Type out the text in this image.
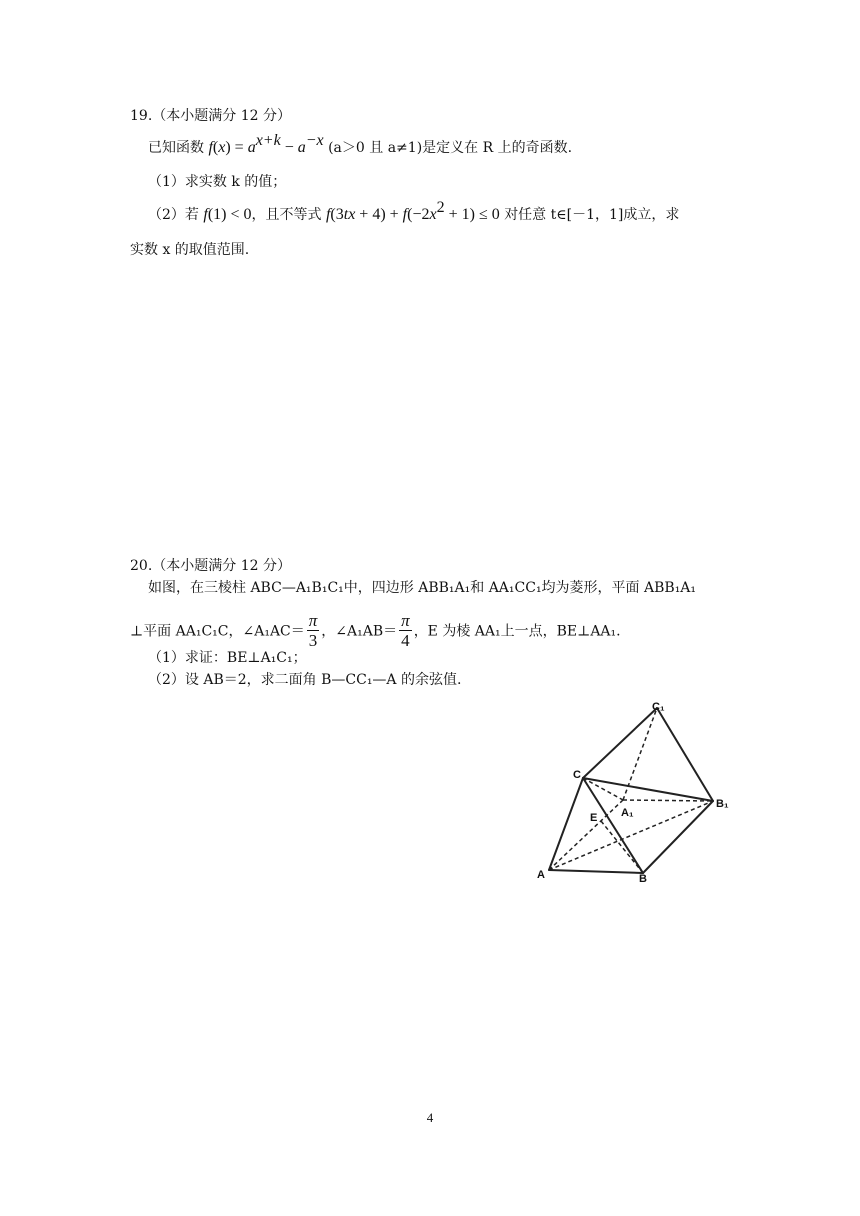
19.（本小题满分 12 分）
已知函数 $f(x) = a^{x+k} - a^{-x}$ (a＞0 且 a≠1)是定义在 R 上的奇函数.
（1）求实数 k 的值；
（2）若 f(1) < 0，且不等式 $f(3tx + 4) + f(-2x^2 + 1) \le 0$ 对任意 t∈[－1，1]成立，求
实数 x 的取值范围.
20.（本小题满分 12 分）
如图，在三棱柱 ABC—A₁B₁C₁中，四边形 ABB₁A₁和 AA₁CC₁均为菱形，平面 ABB₁A₁
⊥平面 AA₁C₁C，∠A₁AC＝ $\frac{\pi}{3}$ ，∠A₁AB＝ $\frac{\pi}{4}$ ，E 为棱 AA₁上一点，BE⊥AA₁.
（1）求证：BE⊥A₁C₁；
（2）设 AB＝2，求二面角 B—CC₁—A 的余弦值.
A	B
C
E A₁
B₁
C₁
4
